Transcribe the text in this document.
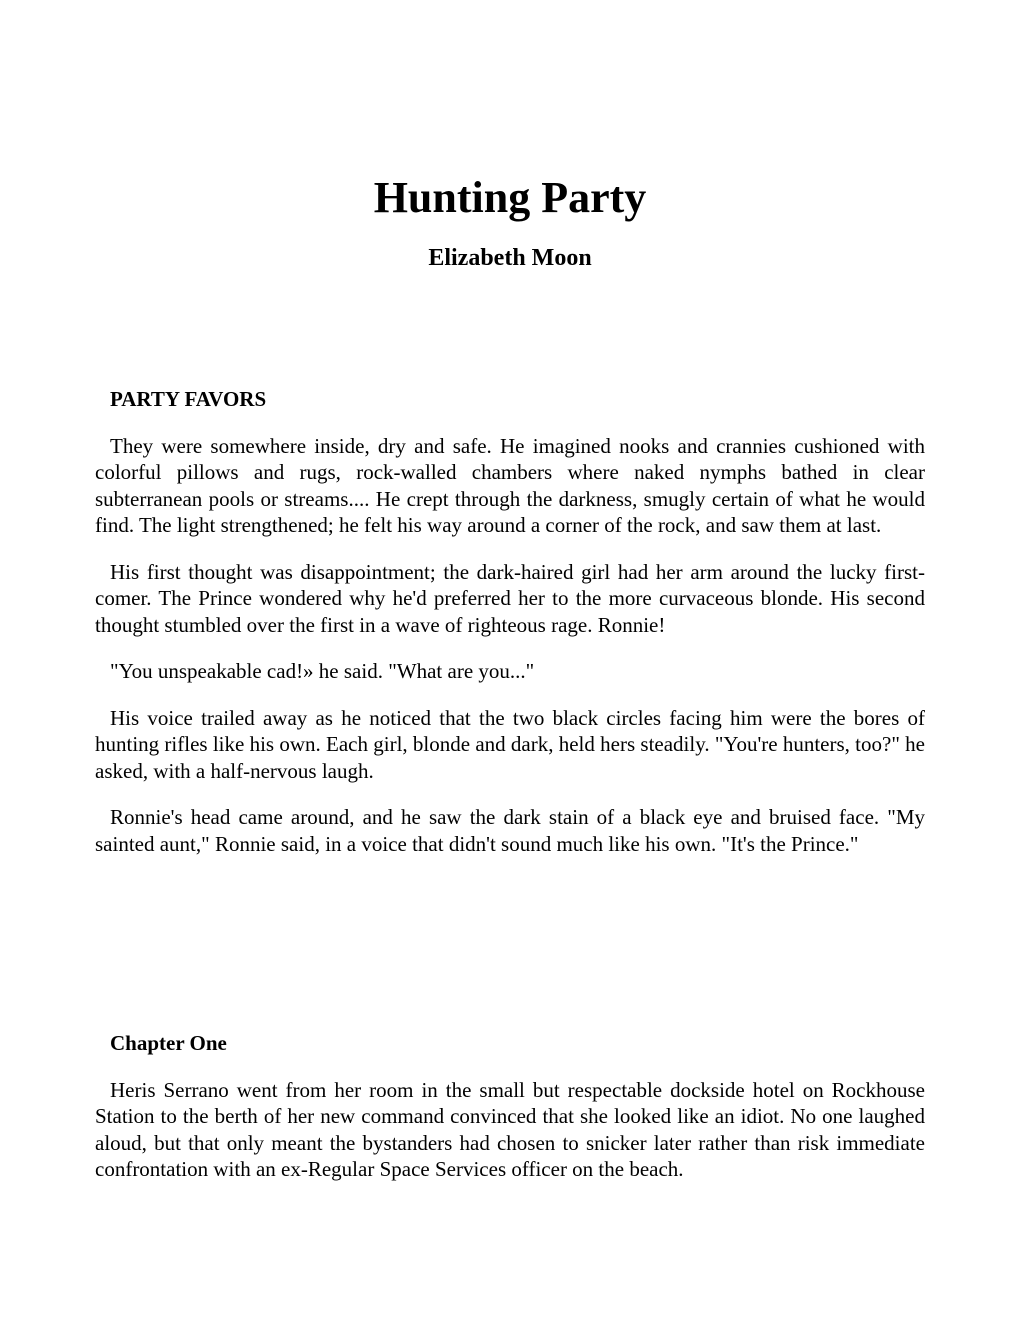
Hunting Party
Elizabeth Moon

PARTY FAVORS

They were somewhere inside, dry and safe. He imagined nooks and crannies cushioned with colorful pillows and rugs, rock-walled chambers where naked nymphs bathed in clear subterranean pools or streams.... He crept through the darkness, smugly certain of what he would find. The light strengthened; he felt his way around a corner of the rock, and saw them at last.

His first thought was disappointment; the dark-haired girl had her arm around the lucky first-comer. The Prince wondered why he'd preferred her to the more curvaceous blonde. His second thought stumbled over the first in a wave of righteous rage. Ronnie!

"You unspeakable cad!» he said. "What are you..."

His voice trailed away as he noticed that the two black circles facing him were the bores of hunting rifles like his own. Each girl, blonde and dark, held hers steadily. "You're hunters, too?" he asked, with a half-nervous laugh.

Ronnie's head came around, and he saw the dark stain of a black eye and bruised face. "My sainted aunt," Ronnie said, in a voice that didn't sound much like his own. "It's the Prince."

Chapter One

Heris Serrano went from her room in the small but respectable dockside hotel on Rockhouse Station to the berth of her new command convinced that she looked like an idiot. No one laughed aloud, but that only meant the bystanders had chosen to snicker later rather than risk immediate confrontation with an ex-Regular Space Services officer on the beach.
